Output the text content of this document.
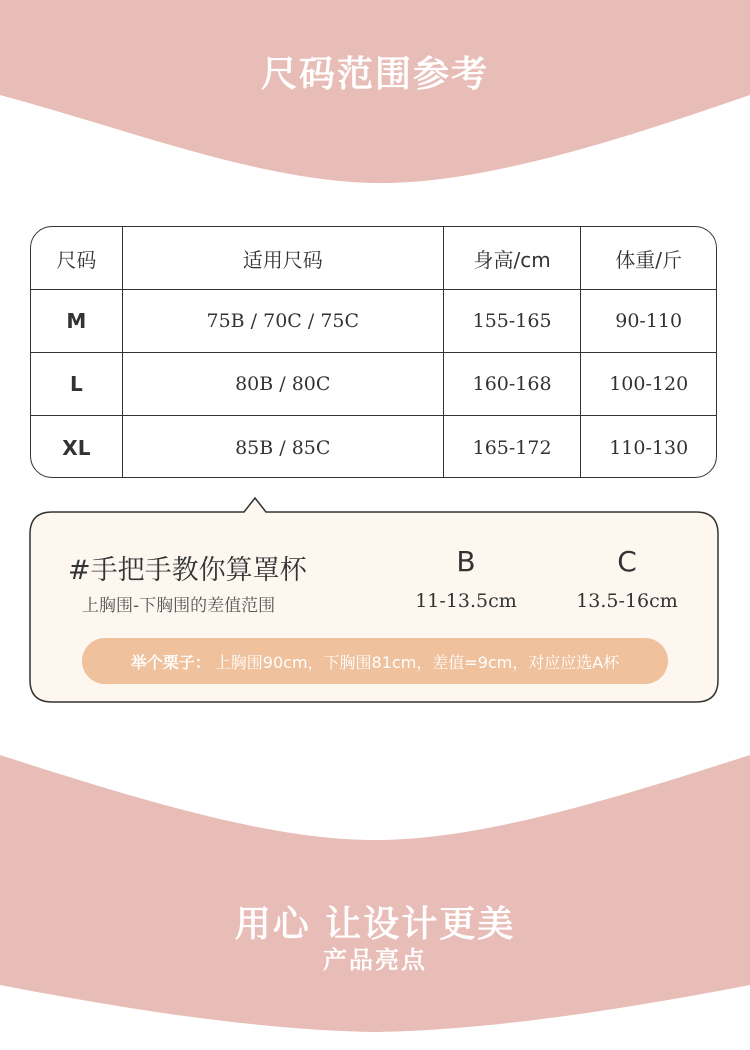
尺码范围参考
尺码	适用尺码	身高/cm	体重/斤
M	75B / 70C / 75C	155-165	90-110
L	80B / 80C	160-168	100-120
XL	85B / 85C	165-172	110-130
#手把手教你算罩杯
上胸围-下胸围的差值范围
B
11-13.5cm
C
13.5-16cm
举个栗子： 上胸围90cm，下胸围81cm，差值=9cm，对应应选A杯
用心 让设计更美
产品亮点
